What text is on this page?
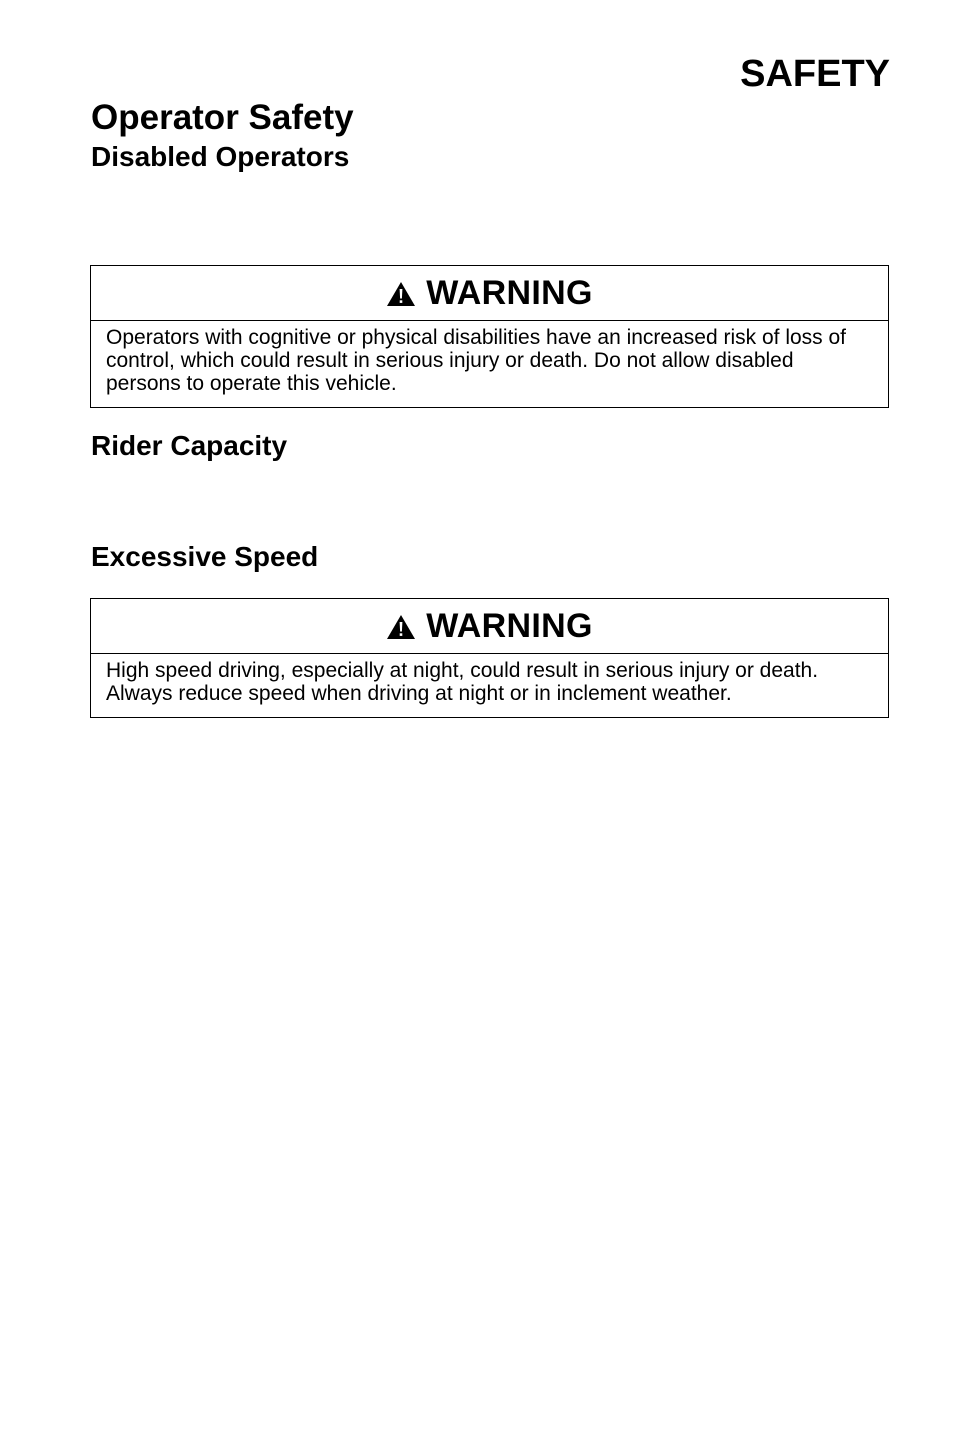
SAFETY
Operator Safety
Disabled Operators
WARNING

Operators with cognitive or physical disabilities have an increased risk of loss of control, which could result in serious injury or death. Do not allow disabled persons to operate this vehicle.

Rider Capacity
Excessive Speed
WARNING

High speed driving, especially at night, could result in serious injury or death. Always reduce speed when driving at night or in inclement weather.
